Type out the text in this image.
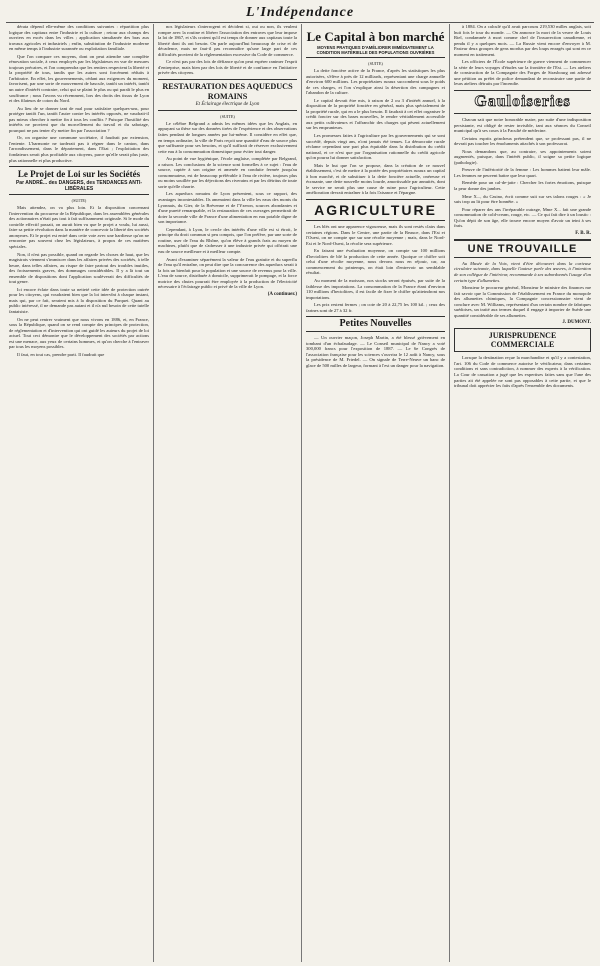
L'Indépendance

dérata dépend elle-même des conditions suivantes : répartition plus logique des capitaux entre l'industrie et la culture ; retour aux champs des ouvriers en excès dans les villes ; application simultanée des bras aux travaux agricoles et industriels ; enfin, substitution de l'industrie moderne en même temps à l'industrie surannée ou exploitation familiale.

Que l'on compare ces moyens, dont on peut attendre une complète rénovation sociale, à ceux employés par les législateurs en vue de mesures toujours précaires, et l'on comprendra que les rentiers respectent la liberté et la propriété de tous, tandis que les autres sont forcément réduits à l'arbitraire. En effet, les gouvernements, cédant aux exigences du moment, favorisent, par une sorte de mouvement de bascule, tantôt un intérêt, tantôt un autre d'intérêt contraire, celui qui se plaint le plus ou qui paraît le plus en souffrance ; nous l'avons vu récemment, lors des droits des tissus de Lyon et des filateurs de coton du Nord.

Au lieu de se donner tant de mal pour satisfaire quelques-uns, pour protéger tantôt l'un, tantôt l'autre contre les intérêts opposés, ne vaudrait-il pas mieux chercher à mettre fin à tous les conflits ? Puisque l'hostilité des intérêts ne provient que du morcellement du travail et du sabotage, pourquoi ne pas tenter d'y mettre fin par l'association ?

Or, on organise une commune sociétaire, il faudrait par extension, l'entente. L'harmonie ne tarderait pas à régner dans le canton, dans l'arrondissement, dans le département, dans l'Etat ; l'exploitation des fondateurs serait plus profitable aux citoyens, parce qu'elle serait plus juste, plus rationnelle et plus productive.

Le Projet de Loi sur les Sociétés
Par ANDRÉ... des DANGERS, des TENDANCES ANTI-LIBÉRALES
(SUITE)

Mais attendez, on va plus loin. Et la disposition concernant l'intervention du procureur de la République, dans les assemblées générales des actionnaires n'était pas tout à fait suffisamment originale. Si le mode du contrôle effectif passait, on aurait bien vu que le projet a voulu, lui aussi, faire sa petite révolution dans la manière de concevoir la liberté des sociétés anonymes. Et le projet est entré dans cette voie avec une hardiesse qu'on ne rencontre pas souvent chez les législateurs, à propos de ces matières spéciales.

Non, il n'est pas possible, quand on regarde les choses de haut, que les magistrats viennent s'immiscer dans les affaires privées des sociétés, à telle heure, dans telles affaires, au risque de faire partout des troubles inutiles, des froissements graves, des dommages considérables. Il y a là tout un ensemble de dispositions dont l'application soulèverait des difficultés de tout genre.

Ici encore éclate dans toute sa netteté cette idée de protection outrée pour les citoyens, qui voudraient bien que la loi intervînt à chaque instant, mais qui, par ce fait, seraient mis à la disposition du Parquet. Quant au public intéressé, il ne demande pas autant et il n'a nul besoin de cette tutelle fantaisiste.

On ne peut rentrer vraiment que nous vivons en 1886, et, en France, sous la République, quand on se rend compte des principes de protection, de réglementation et d'intervention qui ont guidé les auteurs du projet de loi actuel. Tout ceci démontre que le développement des sociétés par actions est une menace, aux yeux de certains hommes, et qu'on cherche à l'entraver par tous les moyens possibles.

Il faut, en tout cas, prendre parti. Il faudrait que

nos législateurs s'interrogent et décident si, oui ou non, ils veulent rompre avec la routine et libérer l'association des entraves que leur impose la loi de 1867, et s'ils croient qu'il est temps de donner aux capitaux toute la liberté dont ils ont besoin. On parle aujourd'hui beaucoup de crise et de décadence, mais ne faut-il pas reconnaître qu'une large part de ces difficultés provient de la réglementation excessive du Code de commerce.

Ce n'est pas par des lois de défiance qu'on peut espérer ranimer l'esprit d'entreprise, mais bien par des lois de liberté et de confiance en l'initiative privée des citoyens.

RESTAURATION DES AQUEDUCS ROMAINS
Et Éclairage électrique de Lyon
(SUITE)

Le célèbre Belgrand a admis les mêmes idées que les Anglais, en appuyant sa thèse sur des données tirées de l'expérience et des observations faites pendant de longues années par lui-même. Il considère en effet que, en temps ordinaire, la ville de Paris reçoit une quantité d'eau de source plus que suffisante pour ses besoins, et qu'il suffirait de réserver exclusivement cette eau à la consommation domestique pour éviter tout danger.

Au point de vue hygiénique, l'école anglaise, complétée par Belgrand, a raison. Les conclusions de la science sont formelles à ce sujet : l'eau de source, captée à son origine et amenée en conduite fermée jusqu'au consommateur, est de beaucoup préférable à l'eau de rivière, toujours plus ou moins souillée par les déjections des riverains et par les détritus de toute sorte qu'elle charrie.

Les aqueducs romains de Lyon présentent, sous ce rapport, des avantages incontestables. Ils amenaient dans la ville les eaux des monts du Lyonnais, du Gier, de la Brévenne et de l'Yzeron, sources abondantes et d'une pureté remarquable, et la restauration de ces ouvrages permettrait de doter la seconde ville de France d'une alimentation en eau potable digne de son importance.

Cependant, à Lyon, le cercle des intérêts d'une ville est si étroit, le principe du droit commun si peu compris, que l'on préfère, par une sorte de routine, user de l'eau du Rhône, qu'on élève à grands frais au moyen de machines, plutôt que de s'adresser à une industrie privée qui offrirait une eau de source meilleure et à meilleur compte.

Avant d'examiner séparément la valeur de l'eau gratuite et du superflu de l'eau qu'il entraîne, on peut dire que la concurrence des aqueducs serait à la fois un bienfait pour la population et une source de revenus pour la ville. L'eau de source, distribuée à domicile, supprimerait le pompage, et la force motrice des chutes pourrait être employée à la production de l'électricité nécessaire à l'éclairage public et privé de la ville de Lyon.

(A continuer.)
Le Capital à bon marché
MOYENS PRATIQUES D'AMÉLIORER IMMÉDIATEMENT LA CONDITION MATÉRIELLE DES POPULATIONS OUVRIÈRES
(SUITE)

La dette foncière active de la France, d'après les statistiques les plus autorisées, s'élève à près de 12 milliards, représentant une charge annuelle d'environ 600 millions. Les propriétaires ruraux succombent sous le poids de ces charges, et l'on s'explique ainsi la désertion des campagnes et l'abandon de la culture.

Le capital devrait être mis, à raison de 2 ou 3 d'intérêt annuel, à la disposition de la propriété foncière en général, mais plus spécialement de la propriété rurale, qui en a le plus besoin. Il faudrait à cet effet organiser le crédit foncier sur des bases nouvelles, le rendre véritablement accessible aux petits cultivateurs et l'affranchir des charges qui pèsent actuellement sur les emprunteurs.

Les promesses faites à l'agriculture par les gouvernements qui se sont succédé, depuis vingt ans, n'ont jamais été tenues. La démocratie rurale réclame cependant une part plus équitable dans la distribution du crédit national, et ce n'est que par l'organisation rationnelle du crédit agricole qu'on pourra lui donner satisfaction.

Mais le but que l'on se propose, dans la création de ce nouvel établissement, c'est de mettre à la portée des propriétaires ruraux un capital à bon marché, et de substituer à la dette foncière actuelle, onéreuse et écrasante, une dette nouvelle moins lourde, amortissable par annuités, dont le service ne serait plus une cause de ruine pour l'agriculteur. Cette amélioration devrait entraîner à la fois l'aisance et l'épargne.

AGRICULTURE

Les blés ont une apparence vigoureuse, mais ils sont restés clairs dans certaines régions. Dans le Centre, une partie de la Beauce, dans l'Est et l'Ouest, on ne compte que sur une récolte moyenne ; mais, dans le Nord-Est et le Nord-Ouest, la récolte sera supérieure.

En faisant une évaluation moyenne, on compte sur 100 millions d'hectolitres de blé la production de cette année. Quoique ce chiffre soit celui d'une récolte moyenne, nous devons nous en réjouir, car, au commencement du printemps, on était loin d'entrevoir un semblable résultat.

Au moment de la moisson, nos stocks seront épuisés, par suite de la faiblesse des importations. La consommation de la France étant d'environ 110 millions d'hectolitres, il est facile de fixer le chiffre qu'atteindront nos importations.

Les prix restent fermes ; on cote de 20 à 22,75 les 100 kil. ; ceux des farines sont de 27 à 32 fr.

Petites Nouvelles

— Un ouvrier maçon, Joseph Martin, a été blessé grièvement en tombant d'un échafaudage. — Le Conseil municipal de Nancy a voté 300,000 francs pour l'exposition de 1887. — Le 6e Congrès de l'association française pour les sciences s'ouvrira le 12 août à Nancy, sous la présidence de M. Friedel. — On signale de Terre-Neuve un banc de glace de 500 milles de largeur, formant à l'est un danger pour la navigation.

à 1884. On a calculé qu'il avait parcouru 219,530 milles anglais, soit huit fois le tour du monde. — On annonce la mort de la veuve de Louis Riel, condamnée à mort comme chef de l'insurrection canadienne, et pendu il y a quelques mois. — La Russie vient encore d'envoyer à M. Pasteur deux groupes de gens mordus par des loups enragés qui sont en ce moment en traitement.

Les officiers de l'École supérieure de guerre viennent de commencer la série de leurs voyages d'études sur la frontière de l'Est. — Les ateliers de construction de la Compagnie des Forges de Strasbourg ont adressé une pétition au préfet de police demandant de reconstruire une partie de leurs ateliers détruits par l'incendie.

Gauloiseries

Chacun sait que notre honorable maire, par suite d'une indisposition persistante, est obligé de rester invisible, tant aux séances du Conseil municipal qu'à ses cours à la Faculté de médecine.

Certains esprits grincheux prétendent que, se professant pas, il ne devrait pas toucher les émoluments attachés à son professorat.

Nous demandons que, au contraire, ses appointements soient augmentés, puisque, dans l'intérêt public, il soigne sa petite logique (pathologie).

Preuve de l'infériorité de la femme : Les hommes battent leur mâle. Les femmes ne peuvent battre que leur quart.

Remède pour un cal-de-jatte : Chercher les fortes émotions, puisque la peur donne des jambes.

Mme X..., du Casino, écrit comme suit sur ses talons rouges : « Je suis trop au lit pour être honnête. »

Pour réparer des ans l'irréparable outrage, Mme X... fait une grande consommation de cold-cream, rouge, etc. — Ce qui fait dire à un loustic : Qu'on dépit de son âge, elle trouve encore moyen d'avoir un teint à ses frais.

F. B. R.
UNE TROUVAILLE

Au Musée de la Voix, vient d'être découvert dans la curieuse circulaire suivante, dans laquelle l'auteur parle des œuvres, à l'intention de son collègue de l'intérieur, recommande à ses subordonnés l'usage d'un certain type d'allumettes.

Monsieur le procureur général, Monsieur le ministre des finances me fait savoir que la Commission de l'établissement en France du monopole des allumettes chimiques, la Compagnie concessionnaire vient de conclure avec M. Williams, représentant d'un certain nombre de fabriques suédoises, un traité aux termes duquel il engage à importer de Suède une quantité considérable de ses allumettes.

J. DUMONT.
JURISPRUDENCE COMMERCIALE

Lorsque la destination reçue la marchandise et qu'il y a contestation, l'art. 106 du Code de commerce autorise le vérificateur, dans certaines conditions et sans contradiction, à nommer des experts à la vérification. La Cour de cassation a jugé que les expertises faites sans que l'une des parties ait été appelée ne sont pas opposables à cette partie, et que le tribunal doit apprécier les faits d'après l'ensemble des documents.
